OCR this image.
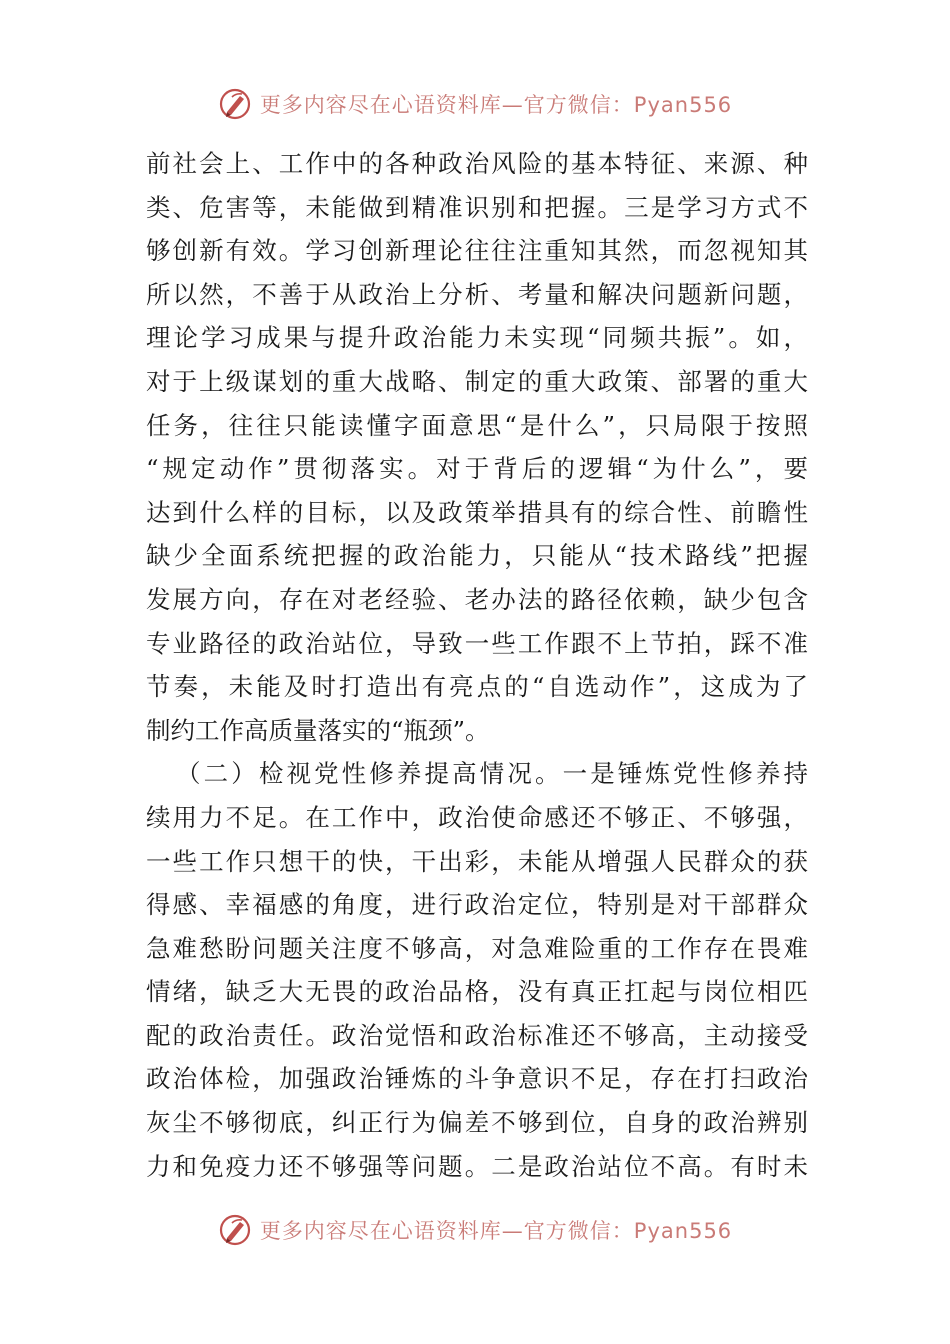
更多内容尽在心语资料库—官方微信：Pyan556
前社会上、工作中的各种政治风险的基本特征、来源、种
类、危害等，未能做到精准识别和把握。三是学习方式不
够创新有效。学习创新理论往往注重知其然，而忽视知其
所以然，不善于从政治上分析、考量和解决问题新问题，
理论学习成果与提升政治能力未实现“同频共振”。如，
对于上级谋划的重大战略、制定的重大政策、部署的重大
任务，往往只能读懂字面意思“是什么”，只局限于按照
“规定动作”贯彻落实。对于背后的逻辑“为什么”，要
达到什么样的目标，以及政策举措具有的综合性、前瞻性
缺少全面系统把握的政治能力，只能从“技术路线”把握
发展方向，存在对老经验、老办法的路径依赖，缺少包含
专业路径的政治站位，导致一些工作跟不上节拍，踩不准
节奏，未能及时打造出有亮点的“自选动作”，这成为了
制约工作高质量落实的“瓶颈”。
（二）检视党性修养提高情况。一是锤炼党性修养持
续用力不足。在工作中，政治使命感还不够正、不够强，
一些工作只想干的快，干出彩，未能从增强人民群众的获
得感、幸福感的角度，进行政治定位，特别是对干部群众
急难愁盼问题关注度不够高，对急难险重的工作存在畏难
情绪，缺乏大无畏的政治品格，没有真正扛起与岗位相匹
配的政治责任。政治觉悟和政治标准还不够高，主动接受
政治体检，加强政治锤炼的斗争意识不足，存在打扫政治
灰尘不够彻底，纠正行为偏差不够到位，自身的政治辨别
力和免疫力还不够强等问题。二是政治站位不高。有时未
更多内容尽在心语资料库—官方微信：Pyan556
